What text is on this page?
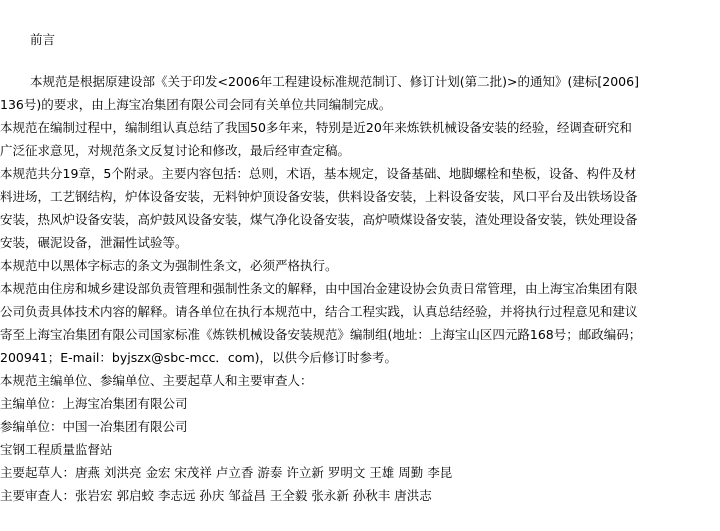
前言
本规范是根据原建设部《关于印发<2006年工程建设标准规范制订、修订计划(第二批)>的通知》(建标[2006]
136号)的要求，由上海宝冶集团有限公司会同有关单位共同编制完成。
本规范在编制过程中，编制组认真总结了我国50多年来，特别是近20年来炼铁机械设备安装的经验，经调查研究和
广泛征求意见，对规范条文反复讨论和修改，最后经审查定稿。
本规范共分19章，5个附录。主要内容包括：总则，术语，基本规定，设备基础、地脚螺栓和垫板，设备、构件及材
料进场，工艺钢结构，炉体设备安装，无料钟炉顶设备安装，供料设备安装，上料设备安装，风口平台及出铁场设备
安装，热风炉设备安装，高炉鼓风设备安装，煤气净化设备安装，高炉喷煤设备安装，渣处理设备安装，铁处理设备
安装，碾泥设备，泄漏性试验等。
本规范中以黑体字标志的条文为强制性条文，必须严格执行。
本规范由住房和城乡建设部负责管理和强制性条文的解释，由中国冶金建设协会负责日常管理，由上海宝冶集团有限
公司负责具体技术内容的解释。请各单位在执行本规范中，结合工程实践，认真总结经验，并将执行过程意见和建议
寄至上海宝冶集团有限公司国家标准《炼铁机械设备安装规范》编制组(地址：上海宝山区四元路168号；邮政编码；
200941；E-mail：byjszx@sbc-mcc．com)，以供今后修订时参考。
本规范主编单位、参编单位、主要起草人和主要审查人：
主编单位：上海宝冶集团有限公司
参编单位：中国一冶集团有限公司
宝钢工程质量监督站
主要起草人：唐燕 刘洪亮 金宏 宋茂祥 卢立香 游泰 许立新 罗明文 王雄 周勤 李昆
主要审查人：张岩宏 郭启蛟 李志远 孙庆 邹益昌 王全毅 张永新 孙秋丰 唐洪志
